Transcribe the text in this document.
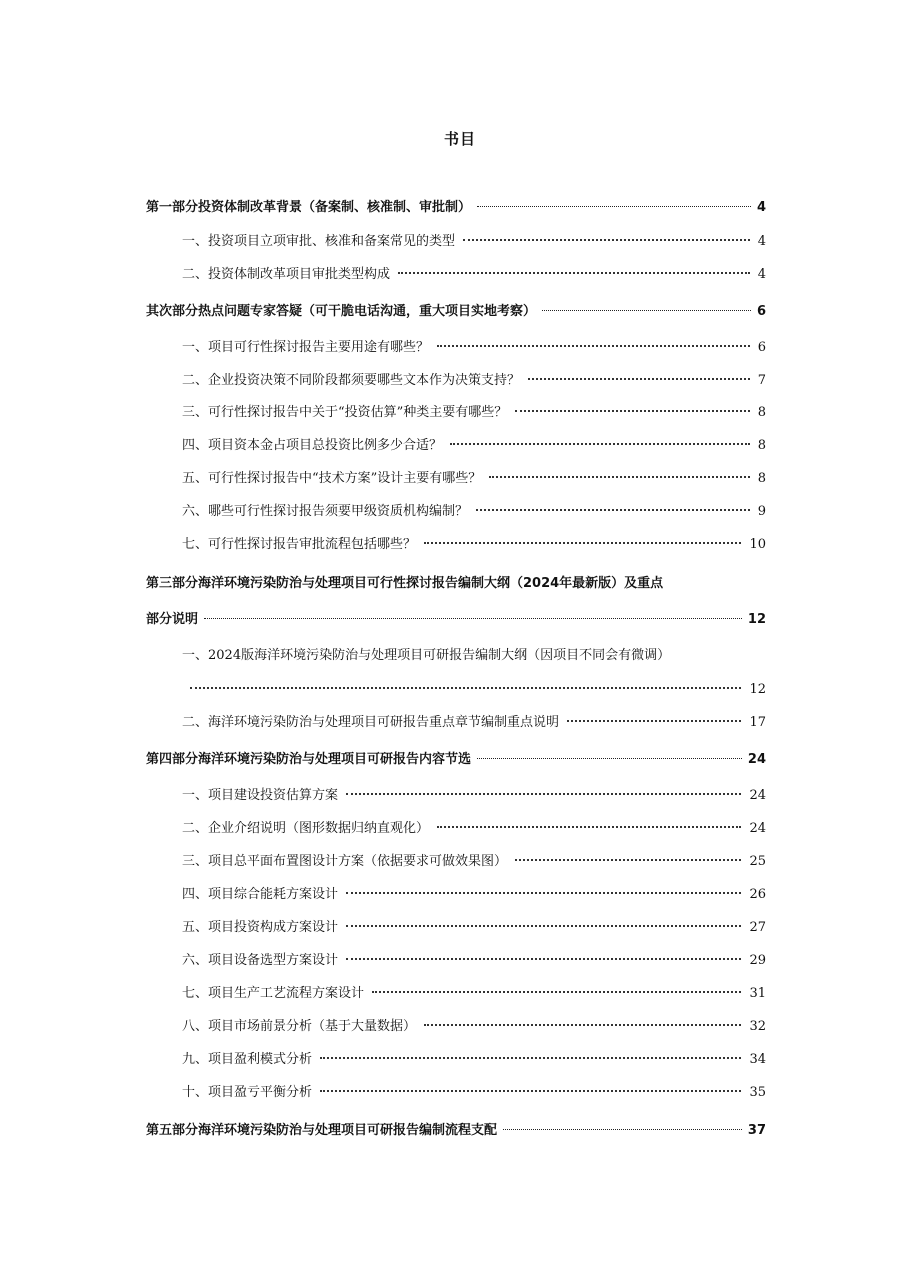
书目
第一部分投资体制改革背景（备案制、核准制、审批制）	4
一、投资项目立项审批、核准和备案常见的类型	4
二、投资体制改革项目审批类型构成	4
其次部分热点问题专家答疑（可干脆电话沟通，重大项目实地考察）	6
一、项目可行性探讨报告主要用途有哪些？	6
二、企业投资决策不同阶段都须要哪些文本作为决策支持？	7
三、可行性探讨报告中关于“投资估算”种类主要有哪些？	8
四、项目资本金占项目总投资比例多少合适？	8
五、可行性探讨报告中“技术方案”设计主要有哪些？	8
六、哪些可行性探讨报告须要甲级资质机构编制？	9
七、可行性探讨报告审批流程包括哪些？	10
第三部分海洋环境污染防治与处理项目可行性探讨报告编制大纲（2024年最新版）及重点
部分说明	12
一、2024版海洋环境污染防治与处理项目可研报告编制大纲（因项目不同会有微调）
12
二、海洋环境污染防治与处理项目可研报告重点章节编制重点说明	17
第四部分海洋环境污染防治与处理项目可研报告内容节选	24
一、项目建设投资估算方案	24
二、企业介绍说明（图形数据归纳直观化）	24
三、项目总平面布置图设计方案（依据要求可做效果图）	25
四、项目综合能耗方案设计	26
五、项目投资构成方案设计	27
六、项目设备选型方案设计	29
七、项目生产工艺流程方案设计	31
八、项目市场前景分析（基于大量数据）	32
九、项目盈利模式分析	34
十、项目盈亏平衡分析	35
第五部分海洋环境污染防治与处理项目可研报告编制流程支配	37
